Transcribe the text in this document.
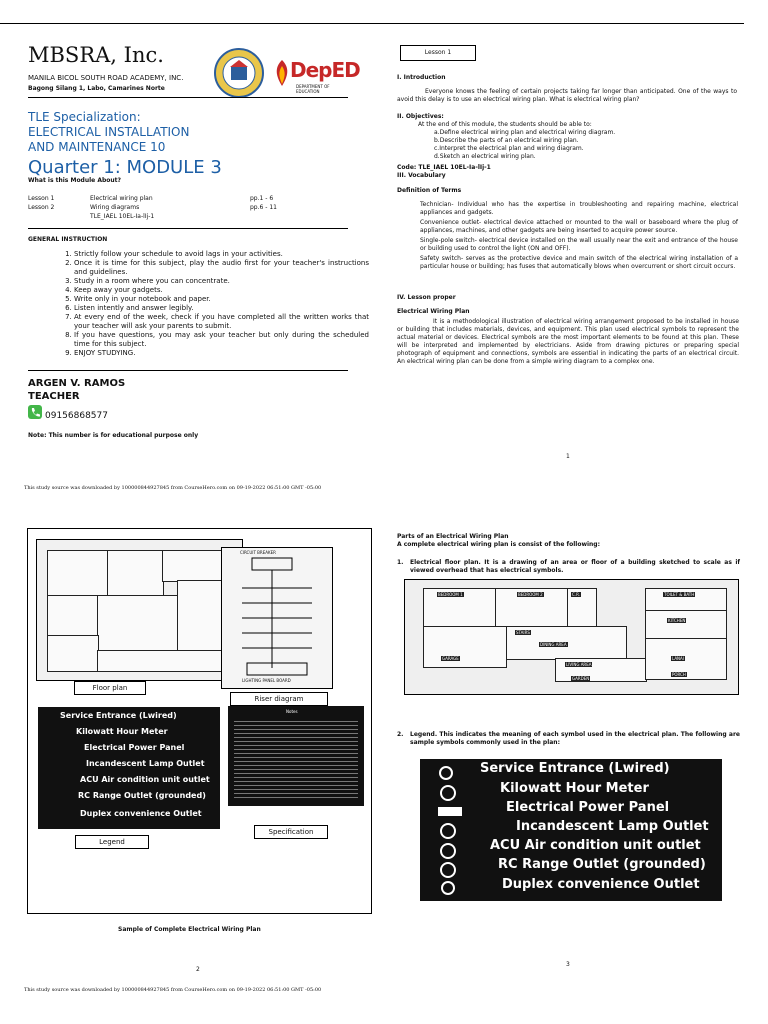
MBSRA, Inc.
MANILA BICOL SOUTH ROAD ACADEMY, INC.
Bagong Silang 1, Labo, Camarines Norte
DepED
DEPARTMENT OF EDUCATION
TLE Specialization:
ELECTRICAL INSTALLATION
AND MAINTENANCE 10
Quarter 1: MODULE 3
What is this Module About?
Lesson 1	Electrical wiring plan	pp.1 - 6
Lesson 2	Wiring diagrams	pp.6 - 11
TLE_IAEL 10EL-Ia-lIj-1
GENERAL INSTRUCTION
1. Strictly follow your schedule to avoid lags in your activities.
2. Once it is time for this subject, play the audio first for your teacher's instructions and guidelines.
3. Study in a room where you can concentrate.
4. Keep away your gadgets.
5. Write only in your notebook and paper.
6. Listen intently and answer legibly.
7. At every end of the week, check if you have completed all the written works that your teacher will ask your parents to submit.
8. If you have questions, you may ask your teacher but only during the scheduled time for this subject.
9. ENJOY STUDYING.
ARGEN V. RAMOS
TEACHER
09156868577
Note: This number is for educational purpose only
Lesson 1
I. Introduction
Everyone knows the feeling of certain projects taking far longer than anticipated. One of the ways to avoid this delay is to use an electrical wiring plan. What is electrical wiring plan?
II. Objectives:
At the end of this module, the students should be able to:
a.Define electrical wiring plan and electrical wiring diagram.
b.Describe the parts of an electrical wiring plan.
c.Interpret the electrical plan and wiring diagram.
d.Sketch an electrical wiring plan.
Code: TLE_IAEL 10EL-Ia-lIj-1
III. Vocabulary
Definition of Terms
Technician- Individual who has the expertise in troubleshooting and repairing machine, electrical appliances and gadgets.
Convenience outlet- electrical device attached or mounted to the wall or baseboard where the plug of appliances, machines, and other gadgets are being inserted to acquire power source.
Single-pole switch- electrical device installed on the wall usually near the exit and entrance of the house or building used to control the light (ON and OFF).
Safety switch- serves as the protective device and main switch of the electrical wiring installation of a particular house or building; has fuses that automatically blows when overcurrent or short circuit occurs.
IV. Lesson proper
Electrical Wiring Plan
It is a methodological illustration of electrical wiring arrangement proposed to be installed in house or building that includes materials, devices, and equipment. This plan used electrical symbols to represent the actual material or devices. Electrical symbols are the most important elements to be found at this plan. These will be interpreted and implemented by electricians. Aside from drawing pictures or preparing special photograph of equipment and connections, symbols are essential in indicating the parts of an electrical circuit. An electrical wiring plan can be done from a simple wiring diagram to a complex one.
1
This study source was downloaded by 100000844927845 from CourseHero.com on 09-19-2022 06:51:00 GMT -05:00
CIRCUIT BREAKER
LIGHTING PANEL BOARD
Floor plan
Riser diagram
Service Entrance (Lwired)
Kilowatt Hour Meter
Electrical Power Panel
Incandescent Lamp Outlet
ACU Air condition unit outlet
RC Range Outlet (grounded)
Duplex convenience Outlet
Notes
Specification
Legend
Sample of Complete Electrical Wiring Plan
2
This study source was downloaded by 100000844927845 from CourseHero.com on 09-19-2022 06:51:00 GMT -05:00
Parts of an Electrical Wiring Plan
A complete electrical wiring plan is consist of the following:
1. Electrical floor plan. It is a drawing of an area or floor of a building sketched to scale as if viewed overhead that has electrical symbols.
BEDROOM 1	BEDROOM 2	C.R.	TOILET & BATH
KITCHEN
DINING AREA
STAIRS
GARAGE
LIVING AREA
GARDEN
PORCH
LANAI
2. Legend. This indicates the meaning of each symbol used in the electrical plan. The following are sample symbols commonly used in the plan:
Service Entrance (Lwired)
Kilowatt Hour Meter
Electrical Power Panel
Incandescent Lamp Outlet
ACU Air condition unit outlet
RC Range Outlet (grounded)
Duplex convenience Outlet
3
